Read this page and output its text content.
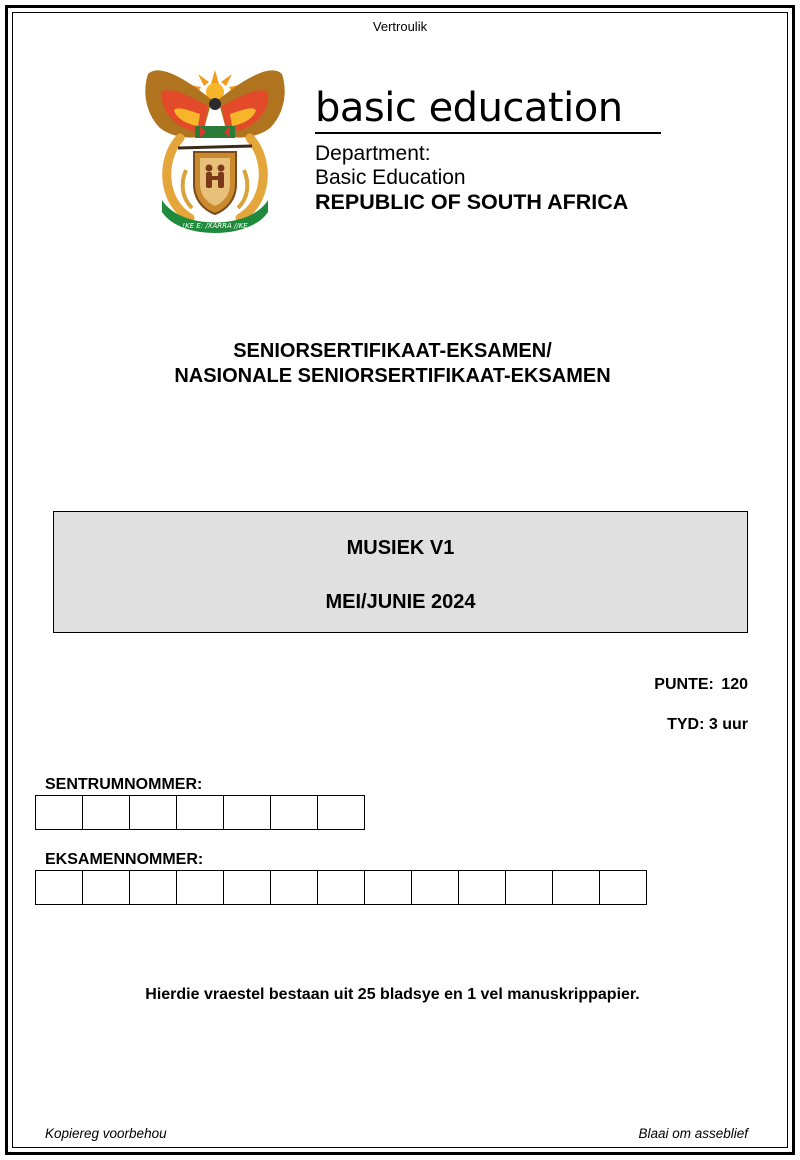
Vertroulik
!KE E: /XARRA //KE
basic education
Department:
Basic Education
REPUBLIC OF SOUTH AFRICA
SENIORSERTIFIKAAT-EKSAMEN/
NASIONALE SENIORSERTIFIKAAT-EKSAMEN
MUSIEK V1
MEI/JUNIE 2024
PUNTE: 120
TYD: 3 uur
SENTRUMNOMMER:
EKSAMENNOMMER:
Hierdie vraestel bestaan uit 25 bladsye en 1 vel manuskrippapier.
Kopiereg voorbehou	Blaai om asseblief
